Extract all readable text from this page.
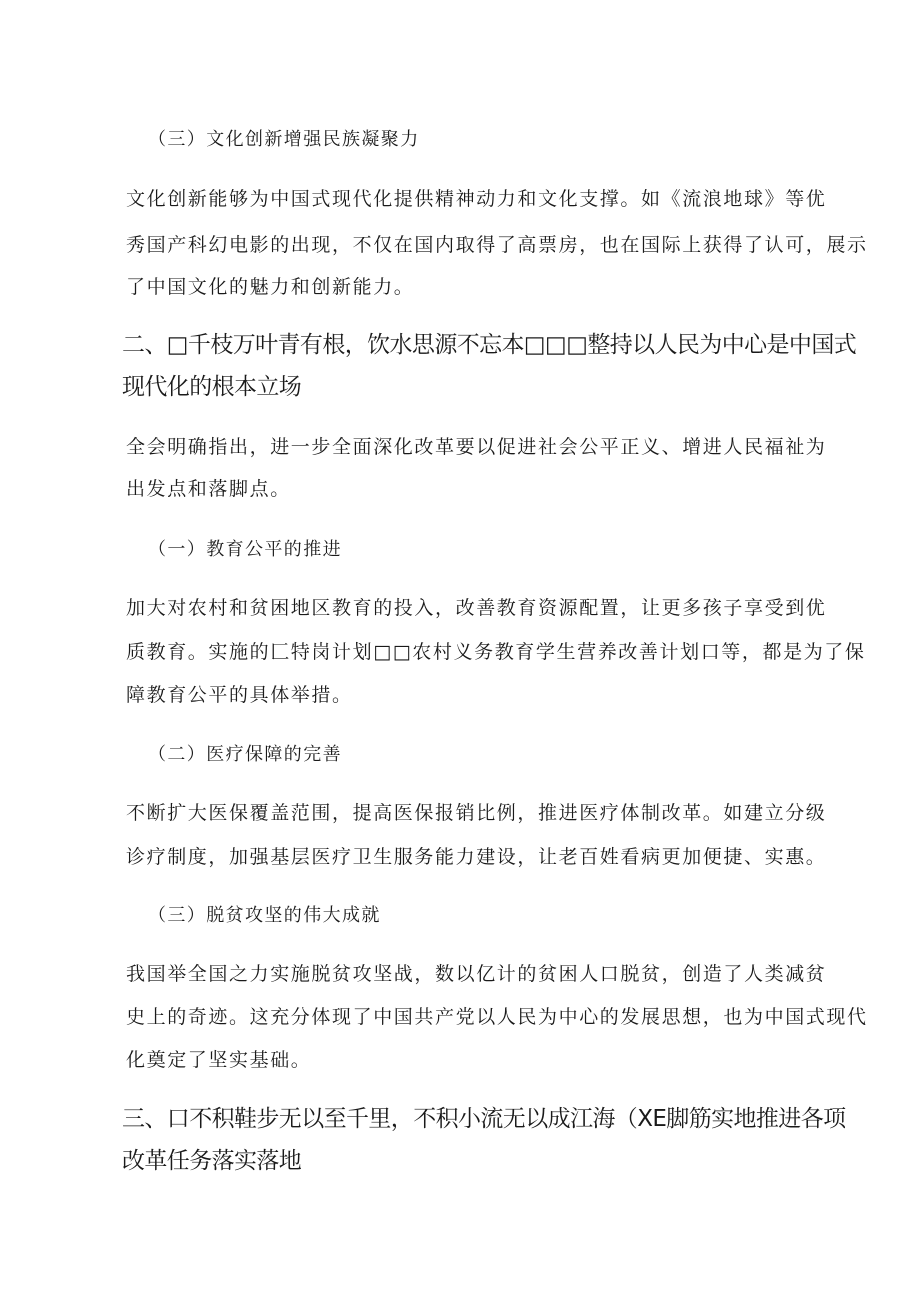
（三）文化创新增强民族凝聚力
文化创新能够为中国式现代化提供精神动力和文化支撑。如《流浪地球》等优
秀国产科幻电影的出现，不仅在国内取得了高票房，也在国际上获得了认可，展示
了中国文化的魅力和创新能力。
二、□千枝万叶青有根，饮水思源不忘本□□□整持以人民为中心是中国式
现代化的根本立场
全会明确指出，进一步全面深化改革要以促进社会公平正义、增进人民福祉为
出发点和落脚点。
（一）教育公平的推进
加大对农村和贫困地区教育的投入，改善教育资源配置，让更多孩子享受到优
质教育。实施的匚特岗计划□□农村义务教育学生营养改善计划口等，都是为了保
障教育公平的具体举措。
（二）医疗保障的完善
不断扩大医保覆盖范围，提高医保报销比例，推进医疗体制改革。如建立分级
诊疗制度，加强基层医疗卫生服务能力建设，让老百姓看病更加便捷、实惠。
（三）脱贫攻坚的伟大成就
我国举全国之力实施脱贫攻坚战，数以亿计的贫困人口脱贫，创造了人类减贫
史上的奇迹。这充分体现了中国共产党以人民为中心的发展思想，也为中国式现代
化奠定了坚实基础。
三、口不积鞋步无以至千里，不积小流无以成江海（XE脚筋实地推进各项
改革任务落实落地
